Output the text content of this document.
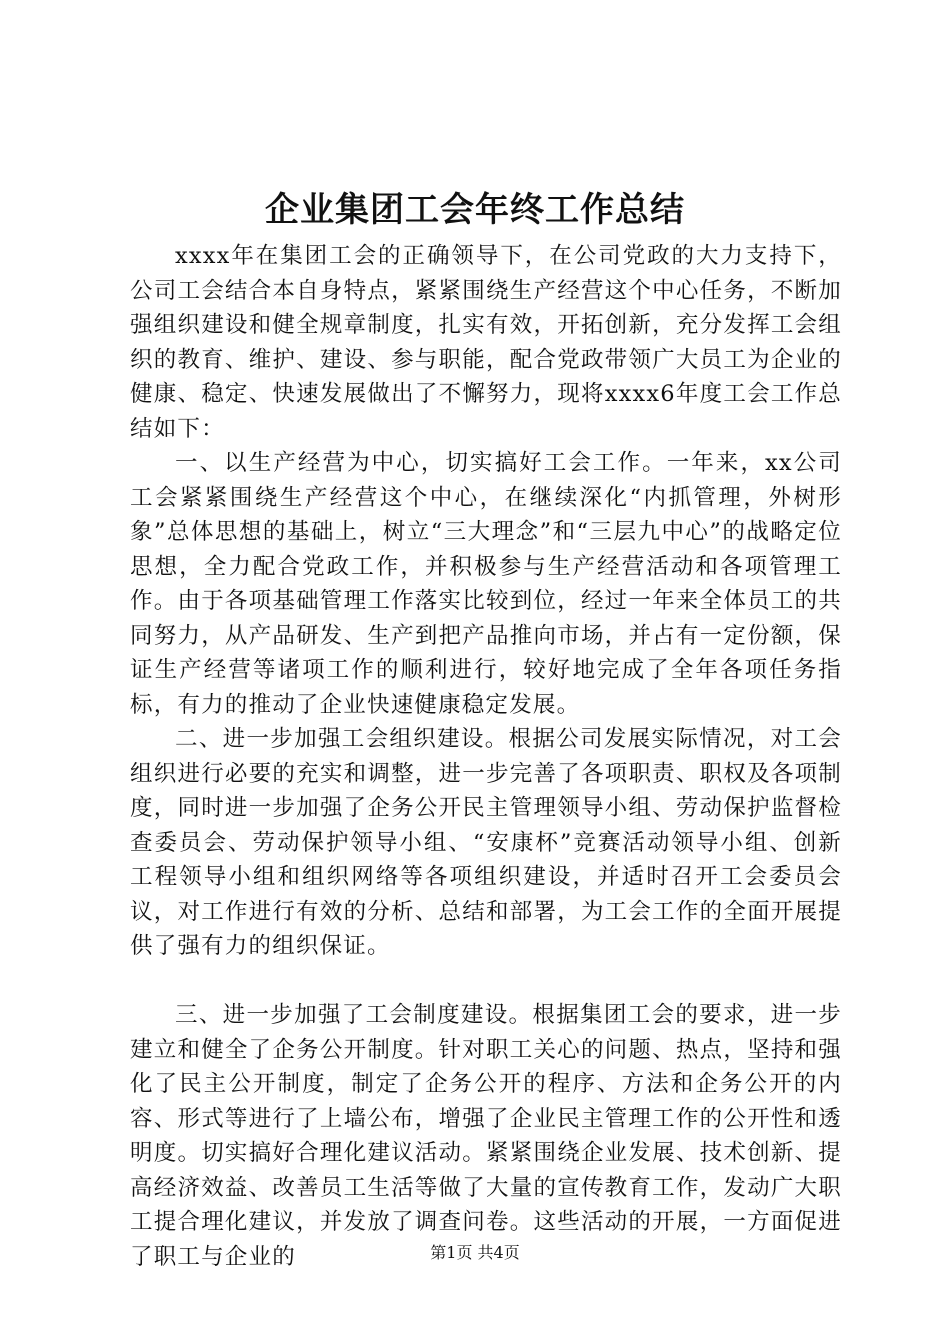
企业集团工会年终工作总结

xxxx年在集团工会的正确领导下，在公司党政的大力支持下，公司工会结合本自身特点，紧紧围绕生产经营这个中心任务，不断加强组织建设和健全规章制度，扎实有效，开拓创新，充分发挥工会组织的教育、维护、建设、参与职能，配合党政带领广大员工为企业的健康、稳定、快速发展做出了不懈努力，现将xxxx6年度工会工作总结如下：

一、以生产经营为中心，切实搞好工会工作。一年来，xx公司工会紧紧围绕生产经营这个中心，在继续深化“内抓管理，外树形象”总体思想的基础上，树立“三大理念”和“三层九中心”的战略定位思想，全力配合党政工作，并积极参与生产经营活动和各项管理工作。由于各项基础管理工作落实比较到位，经过一年来全体员工的共同努力，从产品研发、生产到把产品推向市场，并占有一定份额，保证生产经营等诸项工作的顺利进行，较好地完成了全年各项任务指标，有力的推动了企业快速健康稳定发展。

二、进一步加强工会组织建设。根据公司发展实际情况，对工会组织进行必要的充实和调整，进一步完善了各项职责、职权及各项制度，同时进一步加强了企务公开民主管理领导小组、劳动保护监督检查委员会、劳动保护领导小组、“安康杯”竞赛活动领导小组、创新工程领导小组和组织网络等各项组织建设，并适时召开工会委员会议，对工作进行有效的分析、总结和部署，为工会工作的全面开展提供了强有力的组织保证。

三、进一步加强了工会制度建设。根据集团工会的要求，进一步建立和健全了企务公开制度。针对职工关心的问题、热点，坚持和强化了民主公开制度，制定了企务公开的程序、方法和企务公开的内容、形式等进行了上墙公布，增强了企业民主管理工作的公开性和透明度。切实搞好合理化建议活动。紧紧围绕企业发展、技术创新、提高经济效益、改善员工生活等做了大量的宣传教育工作，发动广大职工提合理化建议，并发放了调查问卷。这些活动的开展，一方面促进了职工与企业的	第1页 共4页
